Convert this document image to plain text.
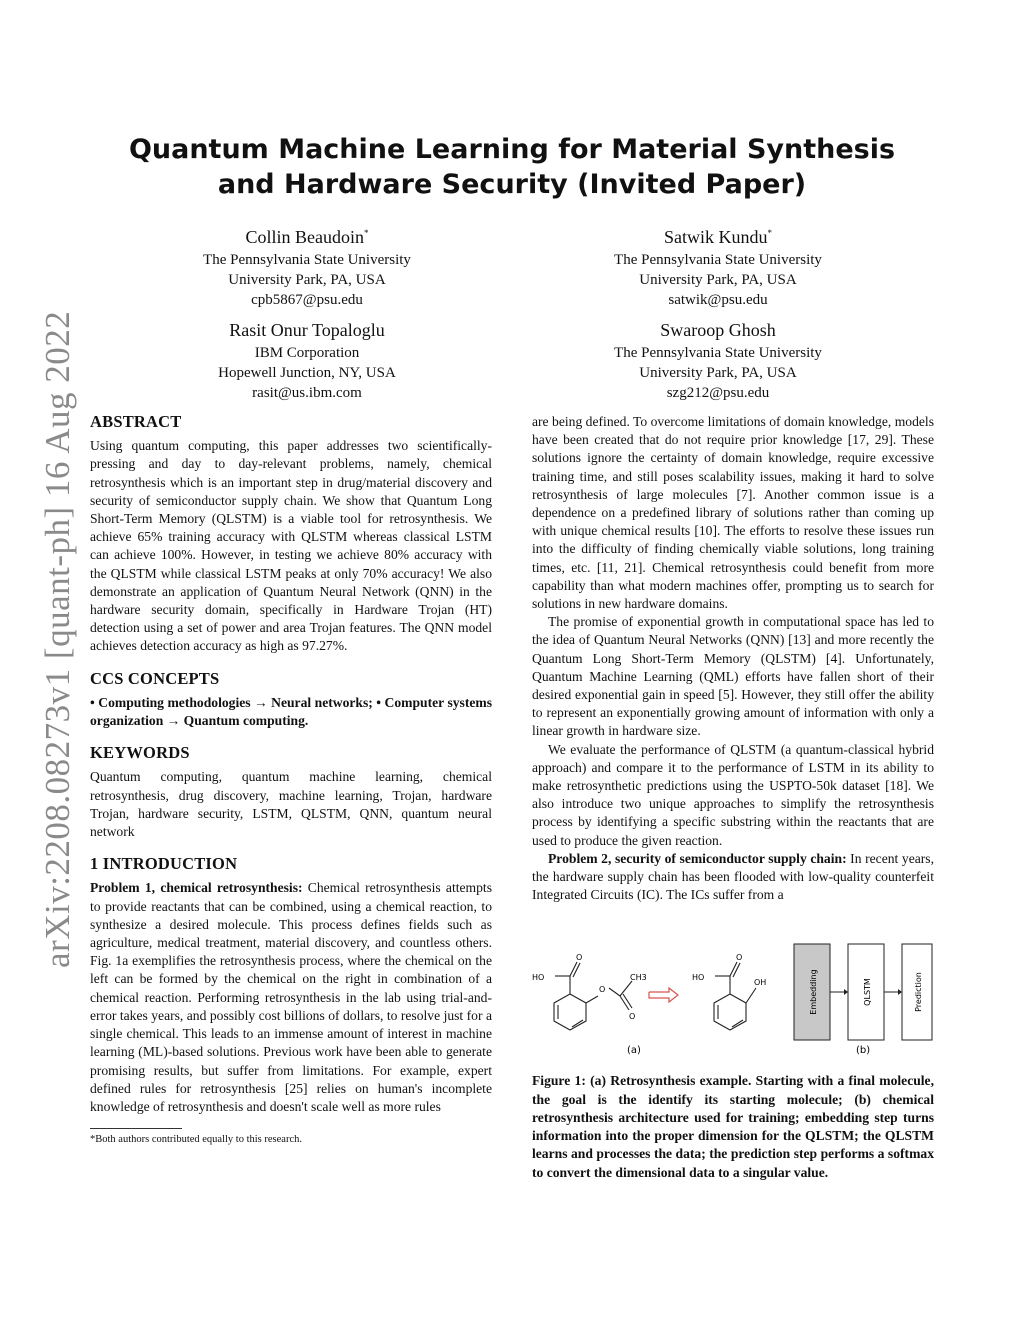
arXiv:2208.08273v1 [quant-ph] 16 Aug 2022
Quantum Machine Learning for Material Synthesis and Hardware Security (Invited Paper)
Collin Beaudoin*
The Pennsylvania State University
University Park, PA, USA
cpb5867@psu.edu
Satwik Kundu*
The Pennsylvania State University
University Park, PA, USA
satwik@psu.edu
Rasit Onur Topaloglu
IBM Corporation
Hopewell Junction, NY, USA
rasit@us.ibm.com
Swaroop Ghosh
The Pennsylvania State University
University Park, PA, USA
szg212@psu.edu
ABSTRACT

Using quantum computing, this paper addresses two scientifically-pressing and day to day-relevant problems, namely, chemical retrosynthesis which is an important step in drug/material discovery and security of semiconductor supply chain. We show that Quantum Long Short-Term Memory (QLSTM) is a viable tool for retrosynthesis. We achieve 65% training accuracy with QLSTM whereas classical LSTM can achieve 100%. However, in testing we achieve 80% accuracy with the QLSTM while classical LSTM peaks at only 70% accuracy! We also demonstrate an application of Quantum Neural Network (QNN) in the hardware security domain, specifically in Hardware Trojan (HT) detection using a set of power and area Trojan features. The QNN model achieves detection accuracy as high as 97.27%.

CCS CONCEPTS

• Computing methodologies → Neural networks; • Computer systems organization → Quantum computing.

KEYWORDS

Quantum computing, quantum machine learning, chemical retrosynthesis, drug discovery, machine learning, Trojan, hardware Trojan, hardware security, LSTM, QLSTM, QNN, quantum neural network

1 INTRODUCTION

Problem 1, chemical retrosynthesis: Chemical retrosynthesis attempts to provide reactants that can be combined, using a chemical reaction, to synthesize a desired molecule. This process defines fields such as agriculture, medical treatment, material discovery, and countless others. Fig. 1a exemplifies the retrosynthesis process, where the chemical on the left can be formed by the chemical on the right in combination of a chemical reaction. Performing retrosynthesis in the lab using trial-and-error takes years, and possibly cost billions of dollars, to resolve just for a single chemical. This leads to an immense amount of interest in machine learning (ML)-based solutions. Previous work have been able to generate promising results, but suffer from limitations. For example, expert defined rules for retrosynthesis [25] relies on human's incomplete knowledge of retrosynthesis and doesn't scale well as more rules

*Both authors contributed equally to this research.

are being defined. To overcome limitations of domain knowledge, models have been created that do not require prior knowledge [17, 29]. These solutions ignore the certainty of domain knowledge, require excessive training time, and still poses scalability issues, making it hard to solve retrosynthesis of large molecules [7]. Another common issue is a dependence on a predefined library of solutions rather than coming up with unique chemical results [10]. The efforts to resolve these issues run into the difficulty of finding chemically viable solutions, long training times, etc. [11, 21]. Chemical retrosynthesis could benefit from more capability than what modern machines offer, prompting us to search for solutions in new hardware domains.

The promise of exponential growth in computational space has led to the idea of Quantum Neural Networks (QNN) [13] and more recently the Quantum Long Short-Term Memory (QLSTM) [4]. Unfortunately, Quantum Machine Learning (QML) efforts have fallen short of their desired exponential gain in speed [5]. However, they still offer the ability to represent an exponentially growing amount of information with only a linear growth in hardware size.

We evaluate the performance of QLSTM (a quantum-classical hybrid approach) and compare it to the performance of LSTM in its ability to make retrosynthetic predictions using the USPTO-50k dataset [18]. We also introduce two unique approaches to simplify the retrosynthesis process by identifying a specific substring within the reactants that are used to produce the given reaction.

Problem 2, security of semiconductor supply chain: In recent years, the hardware supply chain has been flooded with low-quality counterfeit Integrated Circuits (IC). The ICs suffer from a

HO
O
O
CH3
O
HO
O
OH
(a)
Embedding	QLSTM	Prediction
(b)
Figure 1: (a) Retrosynthesis example. Starting with a final molecule, the goal is the identify its starting molecule; (b) chemical retrosynthesis architecture used for training; embedding step turns information into the proper dimension for the QLSTM; the QLSTM learns and processes the data; the prediction step performs a softmax to convert the dimensional data to a singular value.
